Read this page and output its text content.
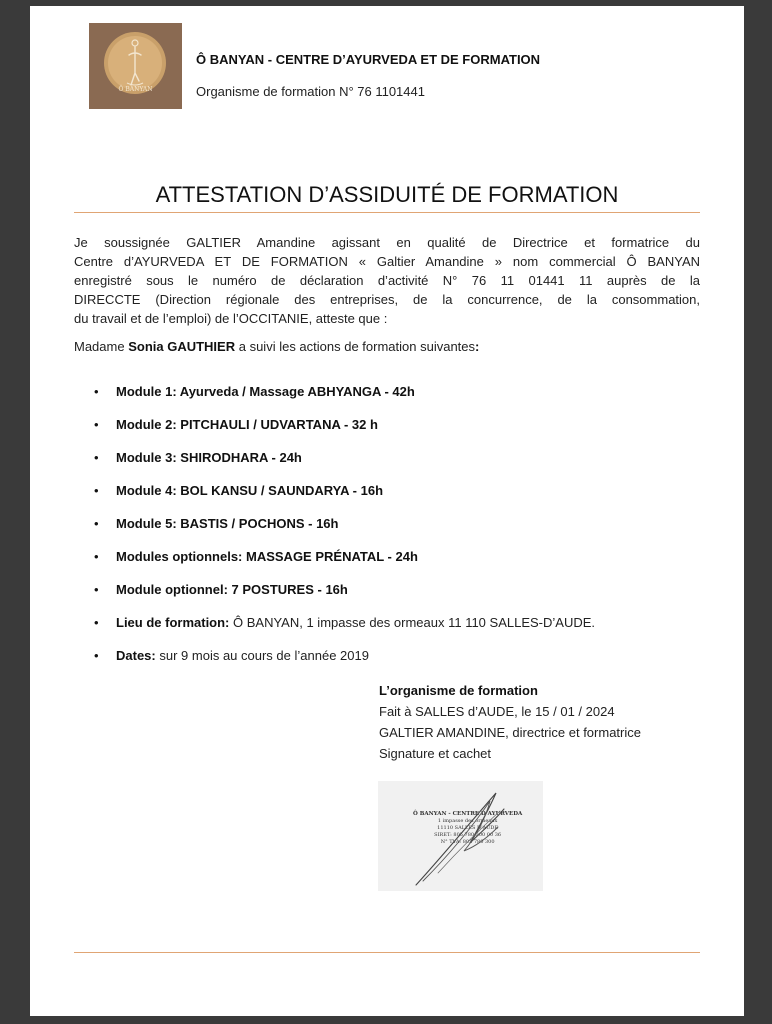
Ô BANYAN
Ô BANYAN - CENTRE D’AYURVEDA ET DE FORMATION
Organisme de formation N° 76 1101441
ATTESTATION D’ASSIDUITÉ DE FORMATION
Je soussignée GALTIER Amandine agissant en qualité de Directrice et formatrice du
Centre d’AYURVEDA ET DE FORMATION « Galtier Amandine » nom commercial Ô BANYAN
enregistré sous le numéro de déclaration d’activité N° 76 11 01441 11 auprès de la
DIRECCTE (Direction régionale des entreprises, de la concurrence, de la consommation,
du travail et de l’emploi) de l’OCCITANIE, atteste que :
Madame Sonia GAUTHIER a suivi les actions de formation suivantes:
• Module 1: Ayurveda / Massage ABHYANGA - 42h
• Module 2: PITCHAULI / UDVARTANA - 32 h
• Module 3: SHIRODHARA - 24h
• Module 4: BOL KANSU / SAUNDARYA - 16h
• Module 5: BASTIS / POCHONS - 16h
• Modules optionnels: MASSAGE PRÉNATAL - 24h
• Module optionnel: 7 POSTURES - 16h
• Lieu de formation: Ô BANYAN, 1 impasse des ormeaux 11 110 SALLES-D’AUDE.
• Dates: sur 9 mois au cours de l’année 2019
L’organisme de formation
Fait à SALLES d’AUDE, le 15 / 01 / 2024
GALTIER AMANDINE, directrice et formatrice
Signature et cachet
Ô BANYAN - CENTRE D’AYURVEDA
1 impasse des ormeaux
11110 SALLES D’AUDE
SIRET: 805 780 300 00 36
N° TVA: 805 780 300
